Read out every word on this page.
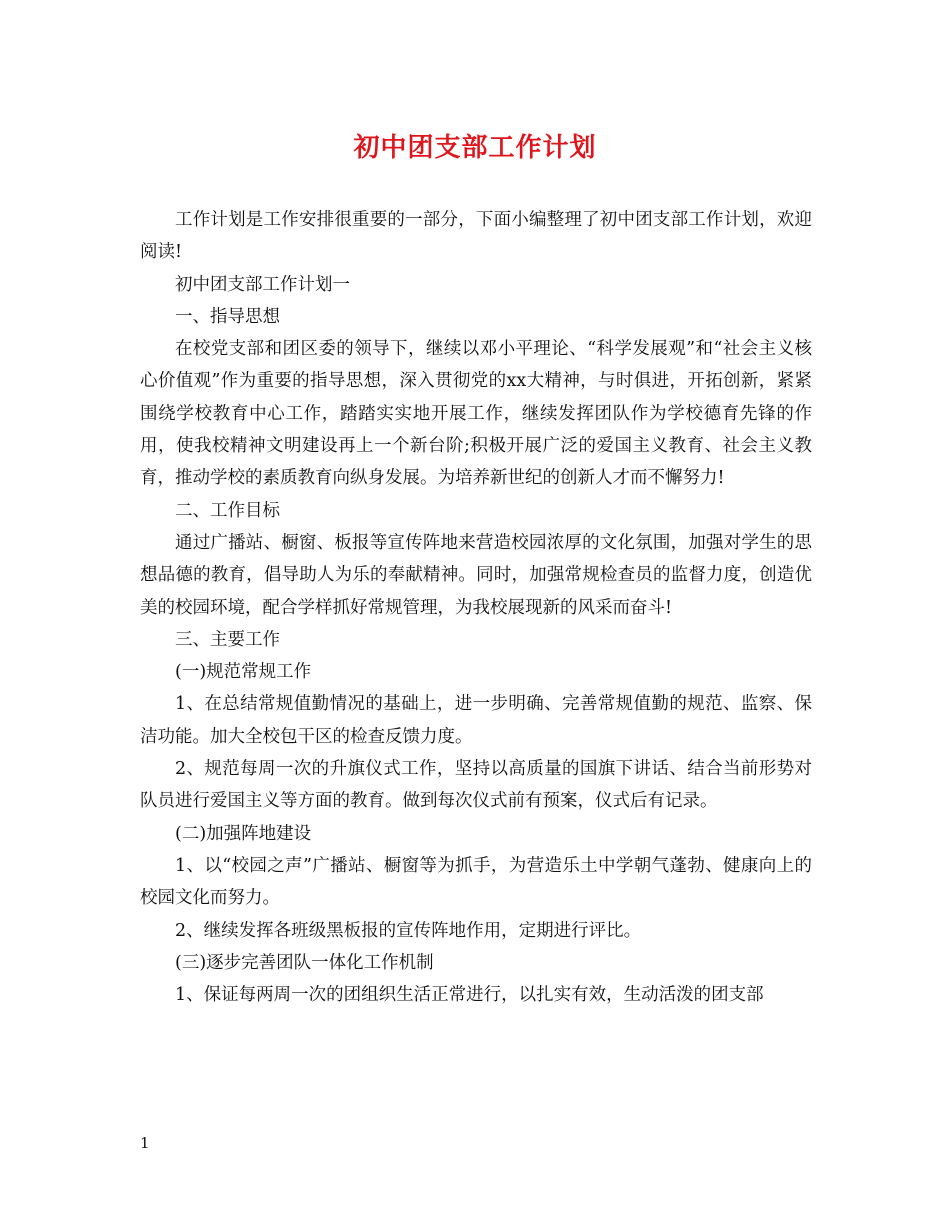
初中团支部工作计划

工作计划是工作安排很重要的一部分，下面小编整理了初中团支部工作计划，欢迎阅读!

初中团支部工作计划一

一、指导思想

在校党支部和团区委的领导下，继续以邓小平理论、“科学发展观”和“社会主义核心价值观”作为重要的指导思想，深入贯彻党的xx大精神，与时俱进，开拓创新，紧紧围绕学校教育中心工作，踏踏实实地开展工作，继续发挥团队作为学校德育先锋的作用，使我校精神文明建设再上一个新台阶;积极开展广泛的爱国主义教育、社会主义教育，推动学校的素质教育向纵身发展。为培养新世纪的创新人才而不懈努力!

二、工作目标

通过广播站、橱窗、板报等宣传阵地来营造校园浓厚的文化氛围，加强对学生的思想品德的教育，倡导助人为乐的奉献精神。同时，加强常规检查员的监督力度，创造优美的校园环境，配合学样抓好常规管理，为我校展现新的风采而奋斗!

三、主要工作

(一)规范常规工作

1、在总结常规值勤情况的基础上，进一步明确、完善常规值勤的规范、监察、保洁功能。加大全校包干区的检查反馈力度。

2、规范每周一次的升旗仪式工作，坚持以高质量的国旗下讲话、结合当前形势对队员进行爱国主义等方面的教育。做到每次仪式前有预案，仪式后有记录。

(二)加强阵地建设

1、以“校园之声”广播站、橱窗等为抓手，为营造乐土中学朝气蓬勃、健康向上的校园文化而努力。

2、继续发挥各班级黑板报的宣传阵地作用，定期进行评比。

(三)逐步完善团队一体化工作机制

1、保证每两周一次的团组织生活正常进行，以扎实有效，生动活泼的团支部

1
